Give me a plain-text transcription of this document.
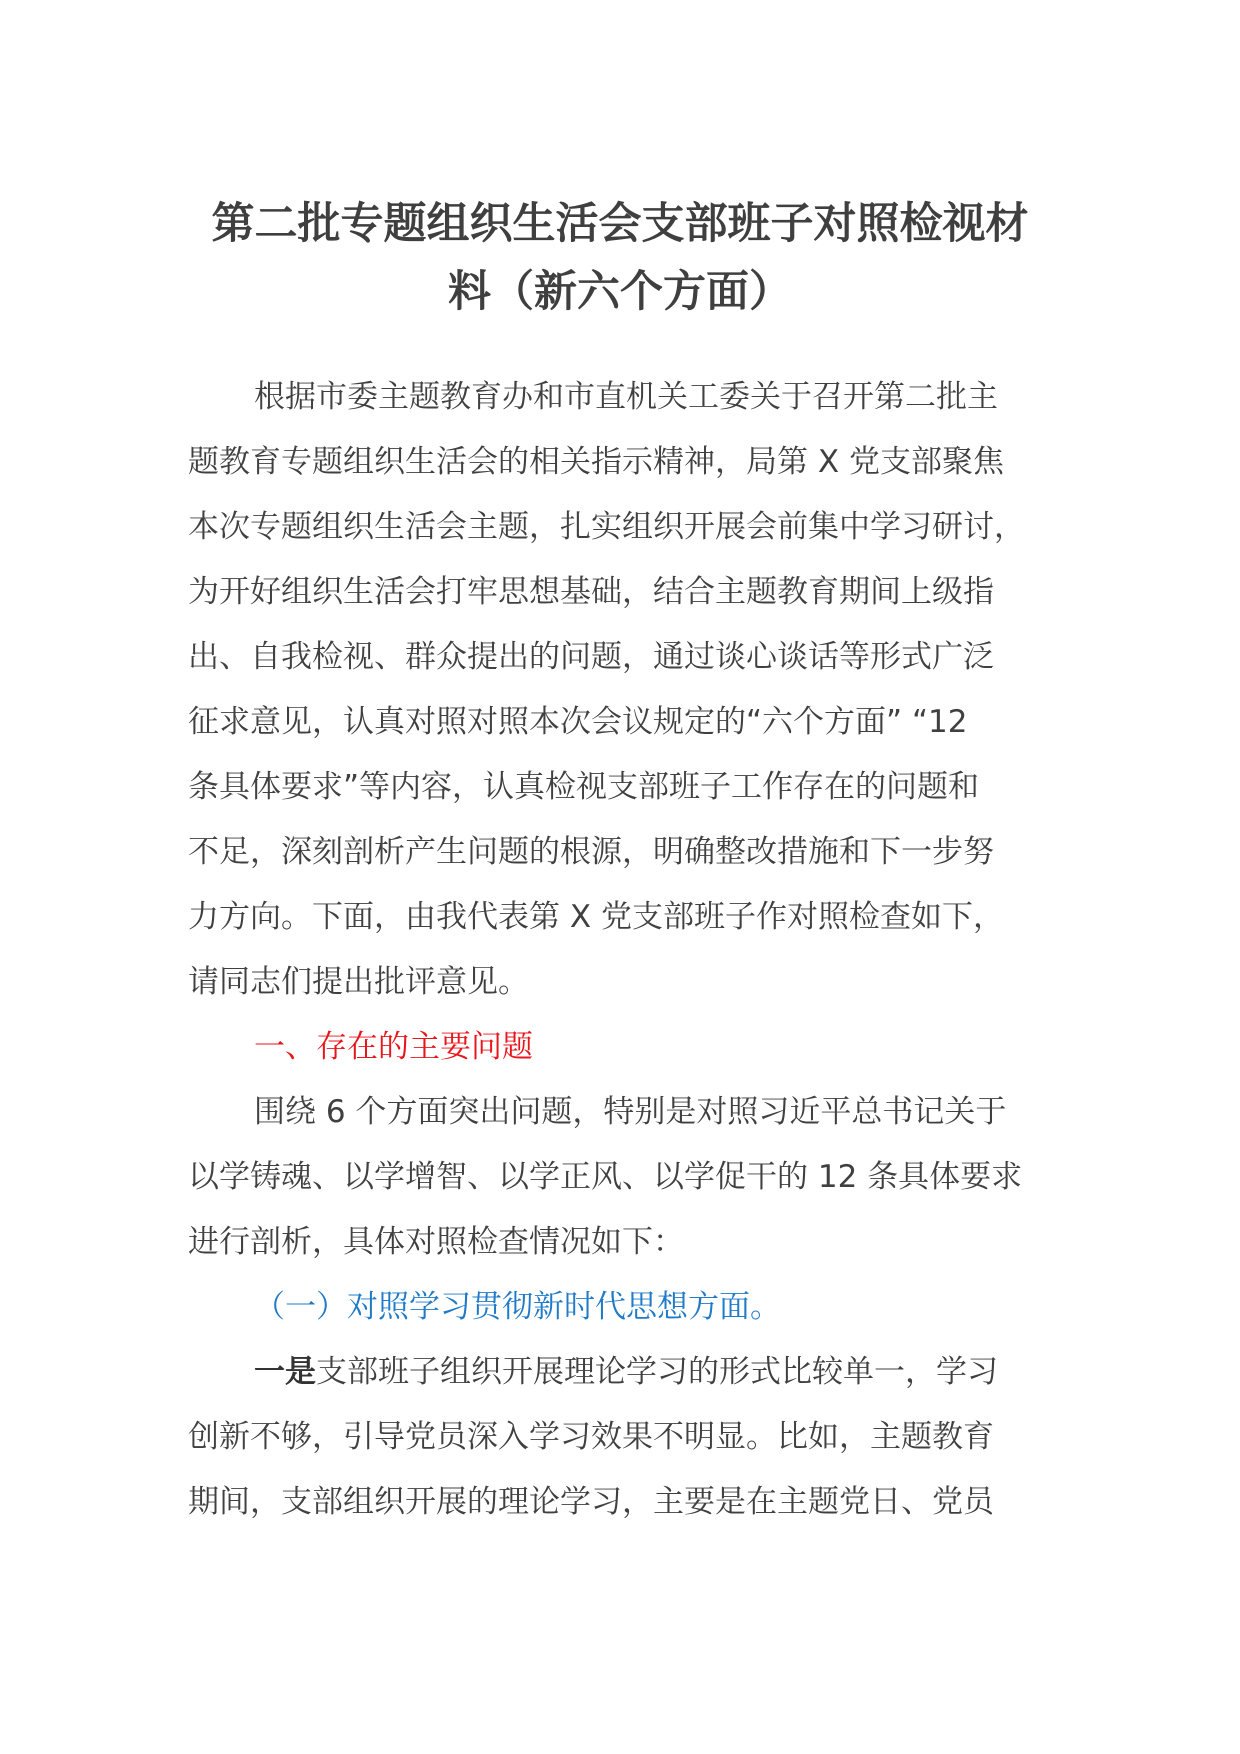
第二批专题组织生活会支部班子对照检视材
料（新六个方面）
根据市委主题教育办和市直机关工委关于召开第二批主
题教育专题组织生活会的相关指示精神，局第 X 党支部聚焦
本次专题组织生活会主题，扎实组织开展会前集中学习研讨，
为开好组织生活会打牢思想基础，结合主题教育期间上级指
出、自我检视、群众提出的问题，通过谈心谈话等形式广泛
征求意见，认真对照对照本次会议规定的“六个方面” “12
条具体要求”等内容，认真检视支部班子工作存在的问题和
不足，深刻剖析产生问题的根源，明确整改措施和下一步努
力方向。下面，由我代表第 X 党支部班子作对照检查如下，
请同志们提出批评意见。
一、存在的主要问题
围绕 6 个方面突出问题，特别是对照习近平总书记关于
以学铸魂、以学增智、以学正风、以学促干的 12 条具体要求
进行剖析，具体对照检查情况如下：
（一）对照学习贯彻新时代思想方面。
一是支部班子组织开展理论学习的形式比较单一，学习
创新不够，引导党员深入学习效果不明显。比如，主题教育
期间，支部组织开展的理论学习，主要是在主题党日、党员
